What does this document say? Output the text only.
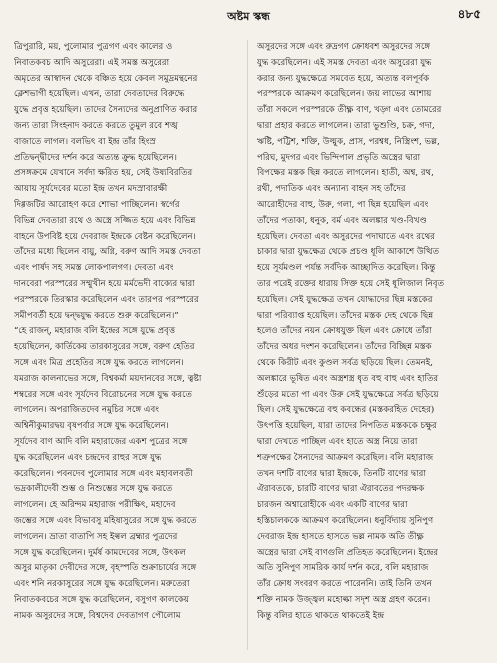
অষ্টম স্কন্ধ	৪৮৫
ত্রিপুরারি, ময়, পুলোমার পুত্রগণ এবং কালের ও
নিবাতকবচ আদি অসুরেরা। এই সমস্ত অসুরেরা
অমৃতের আস্বাদন থেকে বঞ্চিত হয়ে কেবল সমুদ্রমন্থনের
ক্লেশভাগী হয়েছিল। এখন, তারা দেবতাদের বিরুদ্ধে
যুদ্ধে প্রবৃত্ত হয়েছিল। তাদের সৈন্যদের অনুপ্রাণিত করার
জন্য তারা সিংহনাদ করতে করতে তুমুল রবে শঙ্খ
বাজাতে লাগল। বলভিৎ বা ইন্দ্র তাঁর হিংস্র
প্রতিদ্বন্দ্বীদের দর্শন করে অত্যন্ত ক্রুদ্ধ হয়েছিলেন।
প্রসঙ্গক্রমে যেখানে সর্বদা ক্ষরিত হয়, সেই উষ্যবিরতির
আয়ায় সূর্যদেবের মতো ইন্দ্র তখন মদস্রাবারক্ষী
দিগ্গজটির আরোহণ করে শোভা পাচ্ছিলেন। স্বর্গের
বিভিন্ন দেবতারা রথে ও অস্ত্রে সজ্জিত হয়ে এবং বিভিন্ন
বাহনে উপবিষ্ট হয়ে দেবরাজ ইন্দ্রকে বেষ্টন করেছিলেন।
তাঁদের মধ্যে ছিলেন বায়ু, অগ্নি, বরুণ আদি সমস্ত দেবতা
এবং পার্ষদ সহ সমস্ত লোকপালগণ। দেবতা এবং
দানবেরা পরস্পরের সম্মুখীন হয়ে মর্মভেদী বাক্যের দ্বারা
পরস্পরকে তিরস্কার করেছিলেন এবং তারপর পরস্পরের
সমীপবর্তী হয়ে দ্বন্দ্বযুদ্ধ করতে শুরু করেছিলেন।”
“হে রাজন্, মহারাজ বলি ইন্দ্রের সঙ্গে যুদ্ধে প্রবৃত্ত
হয়েছিলেন, কার্তিকেয় তারকাসুরের সঙ্গে, বরুণ হেতির
সঙ্গে এবং মিত্র প্রহেতির সঙ্গে যুদ্ধ করতে লাগলেন।
যমরাজ কালনাভের সঙ্গে, বিশ্বকর্মা ময়দানবের সঙ্গে, ত্বষ্টা
শম্বরের সঙ্গে এবং সূর্যদেব বিরোচনের সঙ্গে যুদ্ধ করতে
লাগলেন। অপরাজিতদেব নমুচির সঙ্গে এবং
অশ্বিনীকুমারদ্বয় বৃষপর্বার সঙ্গে যুদ্ধ করেছিলেন।
সূর্যদেব বাণ আদি বলি মহারাজের একশ পুত্রের সঙ্গে
যুদ্ধ করেছিলেন এবং চন্দ্রদেব রাহুর সঙ্গে যুদ্ধ
করেছিলেন। পবনদেব পুলোমার সঙ্গে এবং মহাবলবতী
ভদ্রকালীদেবী শুম্ভ ও নিশুম্ভের সঙ্গে যুদ্ধ করতে
লাগলেন। হে অরিন্দম মহারাজ পরীক্ষিৎ, মহাদেব
জম্ভের সঙ্গে এবং বিভাবসু মহিষাসুরের সঙ্গে যুদ্ধ করতে
লাগলেন। ভ্রাতা বাতাপি সহ ইল্বল ব্রহ্মার পুত্রদের
সঙ্গে যুদ্ধ করেছিলেন। দুর্মর্ষ কামদেবের সঙ্গে, উৎকল
অসুর মাতৃকা দেবীদের সঙ্গে, বৃহস্পতি শুক্রাচার্যের সঙ্গে
এবং শনি নরকাসুরের সঙ্গে যুদ্ধ করেছিলেন। মরুতেরা
নিবাতকবচের সঙ্গে যুদ্ধ করেছিলেন, বসুগণ কালকেয়
নামক অসুরদের সঙ্গে, বিশ্বদেব দেবতাগণ পৌলোম
অসুরদের সঙ্গে এবং রুদ্রগণ ক্রোধবশ অসুরদের সঙ্গে
যুদ্ধ করেছিলেন। এই সমস্ত দেবতা এবং অসুরেরা যুদ্ধ
করার জন্য যুদ্ধক্ষেত্রে সমবেত হয়ে, অত্যন্ত বলপূর্বক
পরস্পরকে আক্রমণ করেছিলেন। জয় লাভের আশায়
তাঁরা সকলে পরস্পরকে তীক্ষ্ণ বাণ, খড়্গ এবং তোমরের
দ্বারা প্রহার করতে লাগলেন। তারা ভুশুণ্ডি, চক্র, গদা,
ঋষ্টি, পট্টিশ, শক্তি, উল্মুক, প্রাস, পরশ্বধ, নিস্ত্রিংশ, ভল্ল,
পরিঘ, মুদগর এবং ভিন্দিপাল প্রভৃতি অস্ত্রের দ্বারা
বিপক্ষের মস্তক ছিন্ন করতে লাগলেন। হাতী, অশ্ব, রথ,
রথী, পদাতিক এবং অন্যান্য বাহন সহ তাঁদের
আরোহীদের বাহু, উরু, গলা, পা ছিন্ন হয়েছিল এবং
তাঁদের পতাকা, ধনুক, বর্ম এবং অলঙ্কার খণ্ড-বিখণ্ড
হয়েছিল। দেবতা এবং অসুরদের পদাঘাতে এবং রথের
চাকার দ্বারা যুদ্ধক্ষেত্র থেকে প্রচণ্ড ধূলি আকাশে উত্থিত
হয়ে সূর্যমণ্ডল পর্যন্ত সর্বদিক আচ্ছাদিত করেছিল। কিন্তু
তার পরেই রক্তের ধারায় সিক্ত হয়ে সেই ধূলিজাল নিবৃত
হয়েছিল। সেই যুদ্ধক্ষেত্র তখন যোদ্ধাদের ছিন্ন মস্তকের
দ্বারা পরিব্যাপ্ত হয়েছিল। তাঁদের মস্তক দেহ থেকে ছিন্ন
হলেও তাঁদের নয়ন ক্রোধযুক্ত ছিল এবং ক্রোধে তাঁরা
তাঁদের অধর দংশন করেছিলেন। তাঁদের বিচ্ছিন্ন মস্তক
থেকে কিরীট এবং কুণ্ডল সর্বত্র ছড়িয়ে ছিল। তেমনই,
অলঙ্কারে ভূষিত এবং অস্ত্রশস্ত্র ধৃত বহু বাহু এবং হাতির
শুঁড়ের মতো পা এবং উরু সেই যুদ্ধক্ষেত্রে সর্বত্র ছড়িয়ে
ছিল। সেই যুদ্ধক্ষেত্রে বহু কবন্ধের (মস্তকরহিত দেহের)
উৎপত্তি হয়েছিল, যারা তাদের নিপতিত মস্তককে চক্ষুর
দ্বারা দেখতে পাচ্ছিল এবং হাতে অস্ত্র নিয়ে তারা
শত্রুপক্ষের সৈন্যদের আক্রমণ করেছিল। বলি মহারাজ
তখন দশটি বাণের দ্বারা ইন্দ্রকে, তিনটি বাণের দ্বারা
ঐরাবতকে, চারটি বাণের দ্বারা ঐরাবতের পদরক্ষক
চারজন অশ্বারোহীকে এবং একটি বাণের দ্বারা
হস্তিচালককে আক্রমণ করেছিলেন। ধনুর্বিদ্যায় সুনিপুণ
দেবরাজ ইন্দ্র হাসতে হাসতে ভল্ল নামক অতি তীক্ষ্ণ
অস্ত্রের দ্বারা সেই বাণগুলি প্রতিহত করেছিলেন। ইন্দ্রের
অতি সুনিপুণ সামরিক কার্য দর্শন করে, বলি মহারাজ
তাঁর ক্রোধ সংবরণ করতে পারেননি। তাই তিনি তখন
শক্তি নামক উজ্জ্বল মহোল্কা সদৃশ অস্ত্র গ্রহণ করেন।
কিন্তু বলির হাতে থাকতে থাকতেই ইন্দ্র
